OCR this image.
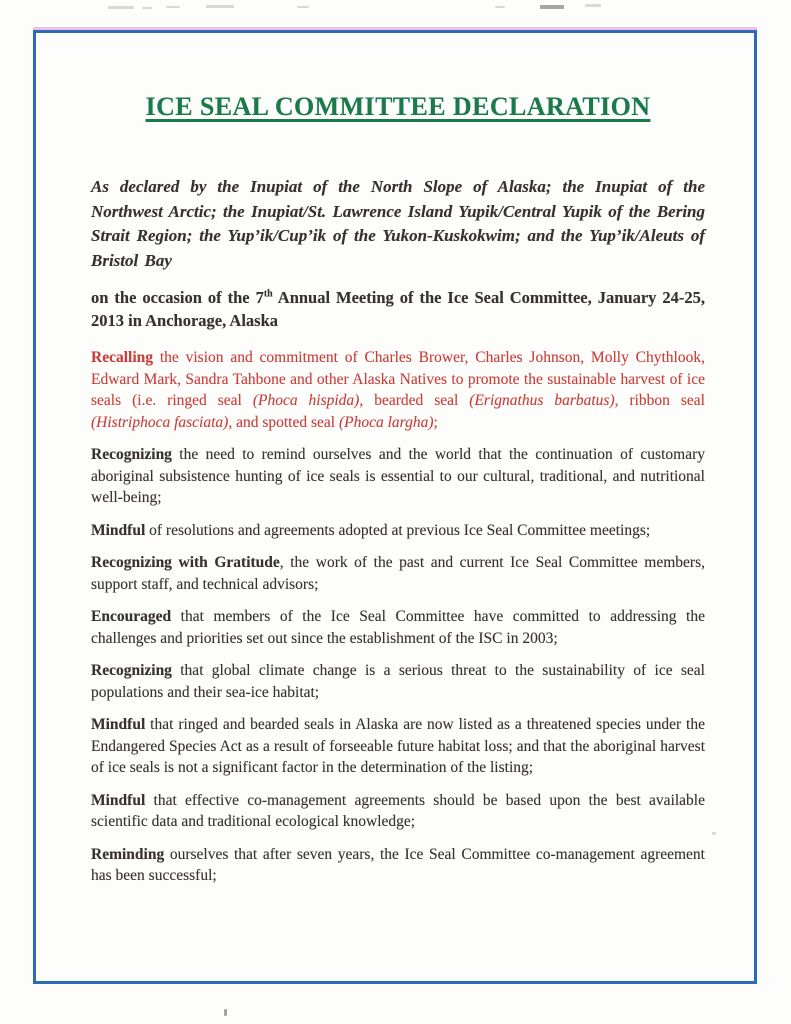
ICE SEAL COMMITTEE DECLARATION

As declared by the Inupiat of the North Slope of Alaska; the Inupiat of the Northwest Arctic; the Inupiat/St. Lawrence Island Yupik/Central Yupik of the Bering Strait Region; the Yup’ik/Cup’ik of the Yukon-Kuskokwim; and the Yup’ik/Aleuts of Bristol Bay

on the occasion of the 7th Annual Meeting of the Ice Seal Committee, January 24-25, 2013 in Anchorage, Alaska

Recalling the vision and commitment of Charles Brower, Charles Johnson, Molly Chythlook, Edward Mark, Sandra Tahbone and other Alaska Natives to promote the sustainable harvest of ice seals (i.e. ringed seal (Phoca hispida), bearded seal (Erignathus barbatus), ribbon seal (Histriphoca fasciata), and spotted seal (Phoca largha);

Recognizing the need to remind ourselves and the world that the continuation of customary aboriginal subsistence hunting of ice seals is essential to our cultural, traditional, and nutritional well-being;

Mindful of resolutions and agreements adopted at previous Ice Seal Committee meetings;

Recognizing with Gratitude, the work of the past and current Ice Seal Committee members, support staff, and technical advisors;

Encouraged that members of the Ice Seal Committee have committed to addressing the challenges and priorities set out since the establishment of the ISC in 2003;

Recognizing that global climate change is a serious threat to the sustainability of ice seal populations and their sea-ice habitat;

Mindful that ringed and bearded seals in Alaska are now listed as a threatened species under the Endangered Species Act as a result of forseeable future habitat loss; and that the aboriginal harvest of ice seals is not a significant factor in the determination of the listing;

Mindful that effective co-management agreements should be based upon the best available scientific data and traditional ecological knowledge;

Reminding ourselves that after seven years, the Ice Seal Committee co-management agreement has been successful;
